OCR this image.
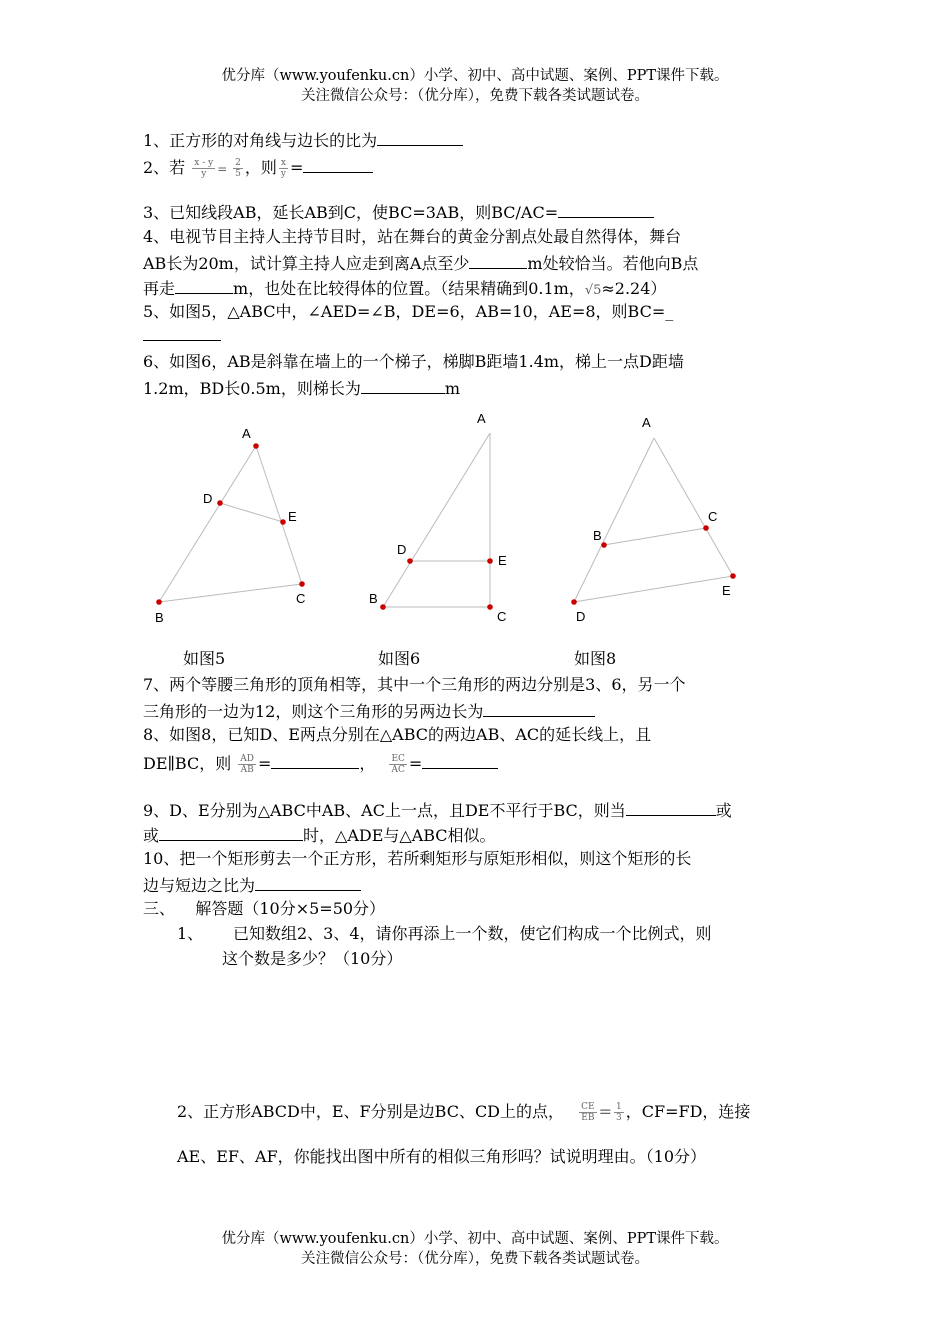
优分库（www.youfenku.cn）小学、初中、高中试题、案例、PPT课件下载。
关注微信公众号：（优分库），免费下载各类试题试卷。
1、正方形的对角线与边长的比为
2、若 $\frac{x - y}{y} = \frac{2}{5}$ ，则 $\frac{x}{y}$ =
3、已知线段AB，延长AB到C，使BC=3AB，则BC/AC=
4、电视节目主持人主持节目时，站在舞台的黄金分割点处最自然得体，舞台
AB长为20m，试计算主持人应走到离A点至少	m处较恰当。若他向B点
再走	m，也处在比较得体的位置。（结果精确到0.1m，√5≈2.24）
5、如图5，△ABC中，∠AED=∠B，DE=6，AB=10，AE=8，则BC=_
6、如图6，AB是斜靠在墙上的一个梯子，梯脚B距墙1.4m，梯上一点D距墙
1.2m，BD长0.5m，则梯长为	m
A
D
E
B
C
A
D
E
B
C
A
B
C
D
E
如图5	如图6	如图8
7、两个等腰三角形的顶角相等，其中一个三角形的两边分别是3、6，另一个
三角形的一边为12，则这个三角形的另两边长为
8、如图8，已知D、E两点分别在△ABC的两边AB、AC的延长线上，且
DE∥BC，则 $\frac{AD}{AB}$ =	， $\frac{EC}{AC}$ =
9、D、E分别为△ABC中AB、AC上一点，且DE不平行于BC，则当	或
或	时，△ADE与△ABC相似。
10、把一个矩形剪去一个正方形，若所剩矩形与原矩形相似，则这个矩形的长
边与短边之比为
三、    解答题（10分×5=50分）
1、 已知数组2、3、4，请你再添上一个数，使它们构成一个比例式，则
这个数是多少？（10分）
2、正方形ABCD中，E、F分别是边BC、CD上的点， $\frac{CE}{EB} = \frac{1}{3}$ ，CF=FD，连接
AE、EF、AF，你能找出图中所有的相似三角形吗？试说明理由。（10分）
优分库（www.youfenku.cn）小学、初中、高中试题、案例、PPT课件下载。
关注微信公众号：（优分库），免费下载各类试题试卷。
